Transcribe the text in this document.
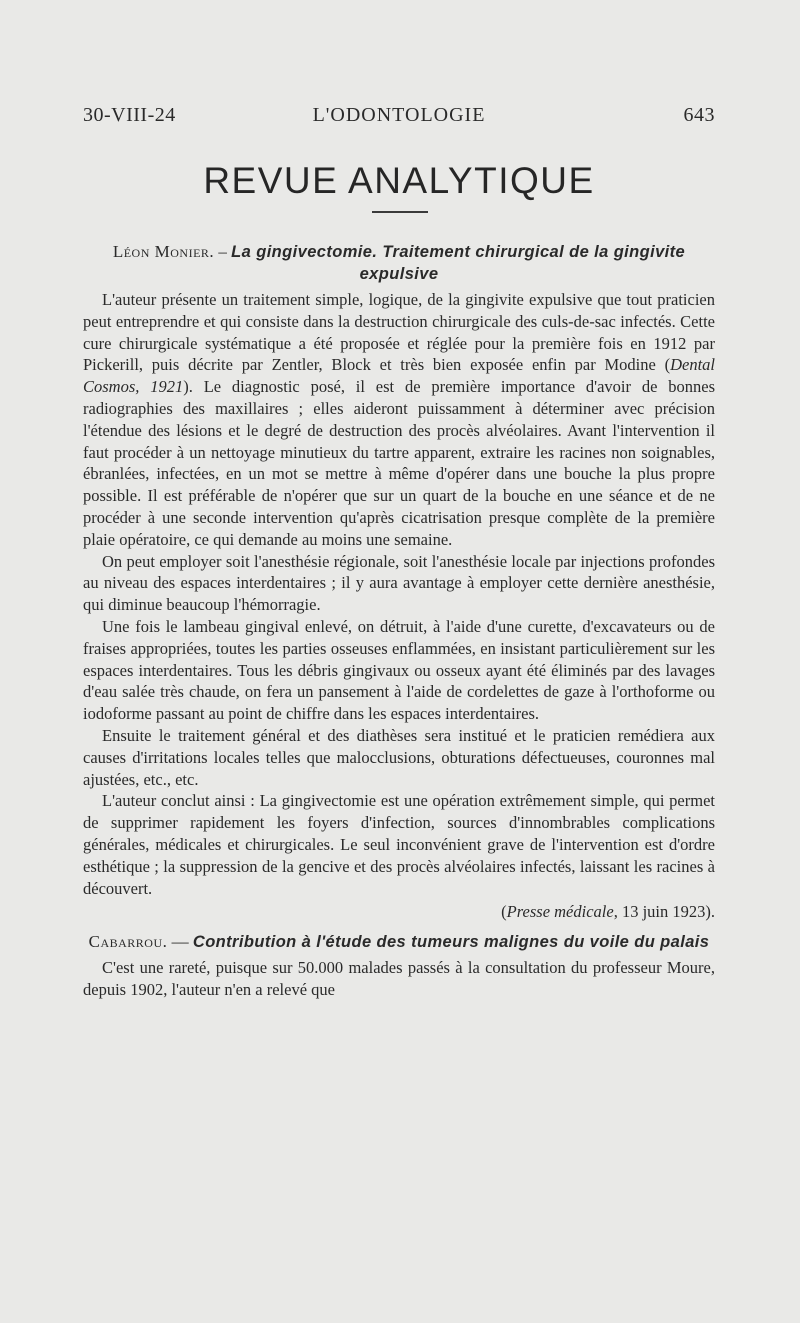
30-VIII-24	L'ODONTOLOGIE	643
REVUE ANALYTIQUE
Léon Monier. – La gingivectomie. Traitement chirurgical de la gingivite expulsive

L'auteur présente un traitement simple, logique, de la gingivite expulsive que tout praticien peut entreprendre et qui consiste dans la destruction chirurgicale des culs-de-sac infectés. Cette cure chirurgicale systématique a été proposée et réglée pour la première fois en 1912 par Pickerill, puis décrite par Zentler, Block et très bien exposée enfin par Modine (Dental Cosmos, 1921). Le diagnostic posé, il est de première importance d'avoir de bonnes radiographies des maxillaires ; elles aideront puissamment à déterminer avec précision l'étendue des lésions et le degré de destruction des procès alvéolaires. Avant l'intervention il faut procéder à un nettoyage minutieux du tartre apparent, extraire les racines non soignables, ébranlées, infectées, en un mot se mettre à même d'opérer dans une bouche la plus propre possible. Il est préférable de n'opérer que sur un quart de la bouche en une séance et de ne procéder à une seconde intervention qu'après cicatrisation presque complète de la première plaie opératoire, ce qui demande au moins une semaine.

On peut employer soit l'anesthésie régionale, soit l'anesthésie locale par injections profondes au niveau des espaces interdentaires ; il y aura avantage à employer cette dernière anesthésie, qui diminue beaucoup l'hémorragie.

Une fois le lambeau gingival enlevé, on détruit, à l'aide d'une curette, d'excavateurs ou de fraises appropriées, toutes les parties osseuses enflammées, en insistant particulièrement sur les espaces interdentaires. Tous les débris gingivaux ou osseux ayant été éliminés par des lavages d'eau salée très chaude, on fera un pansement à l'aide de cordelettes de gaze à l'orthoforme ou iodoforme passant au point de chiffre dans les espaces interdentaires.

Ensuite le traitement général et des diathèses sera institué et le praticien remédiera aux causes d'irritations locales telles que malocclusions, obturations défectueuses, couronnes mal ajustées, etc., etc.

L'auteur conclut ainsi : La gingivectomie est une opération extrêmement simple, qui permet de supprimer rapidement les foyers d'infection, sources d'innombrables complications générales, médicales et chirurgicales. Le seul inconvénient grave de l'intervention est d'ordre esthétique ; la suppression de la gencive et des procès alvéolaires infectés, laissant les racines à découvert.

(Presse médicale, 13 juin 1923).
Cabarrou. — Contribution à l'étude des tumeurs malignes du voile du palais

C'est une rareté, puisque sur 50.000 malades passés à la consultation du professeur Moure, depuis 1902, l'auteur n'en a relevé que
